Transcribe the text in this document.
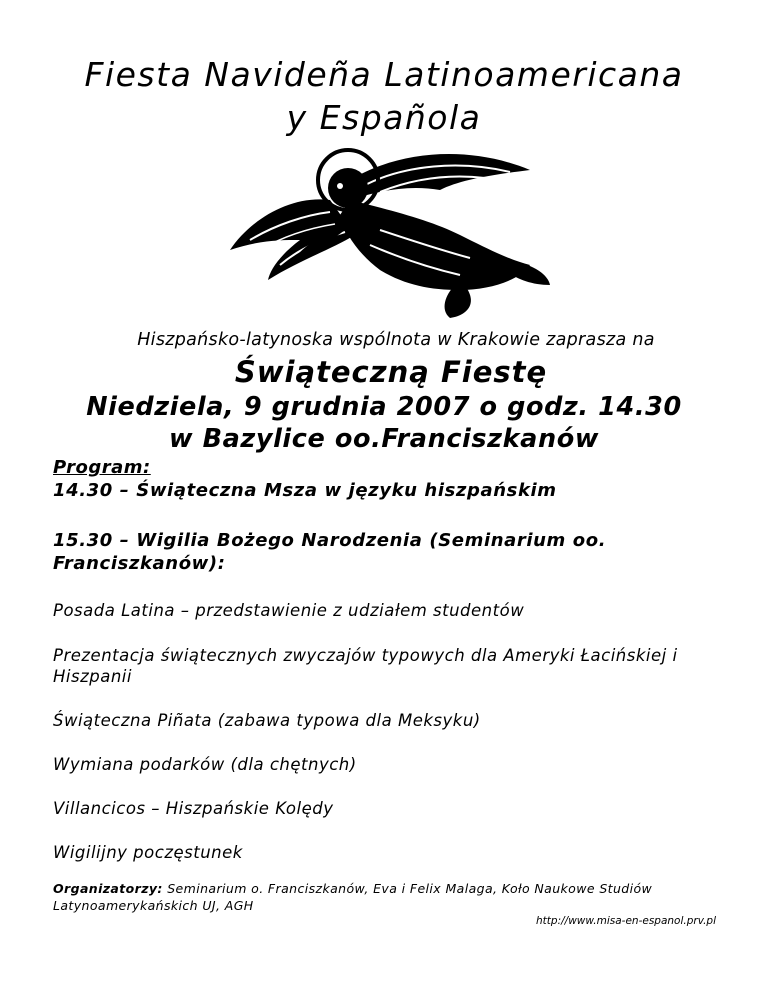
Fiesta Navideña Latinoamericana
y Española
Hiszpańsko-latynoska wspólnota w Krakowie zaprasza na
Świąteczną Fiestę
Niedziela, 9 grudnia 2007 o godz. 14.30
w Bazylice oo.Franciszkanów
Program:
14.30 – Świąteczna Msza w języku hiszpańskim
15.30 – Wigilia Bożego Narodzenia (Seminarium oo.
Franciszkanów):
Posada Latina – przedstawienie z udziałem studentów
Prezentacja świątecznych zwyczajów typowych dla Ameryki Łacińskiej i Hiszpanii
Świąteczna Piñata (zabawa typowa dla Meksyku)
Wymiana podarków (dla chętnych)
Villancicos – Hiszpańskie Kolędy
Wigilijny poczęstunek
Organizatorzy: Seminarium o. Franciszkanów, Eva i Felix Malaga, Koło Naukowe Studiów Latynoamerykańskich UJ, AGH
http://www.misa-en-espanol.prv.pl
